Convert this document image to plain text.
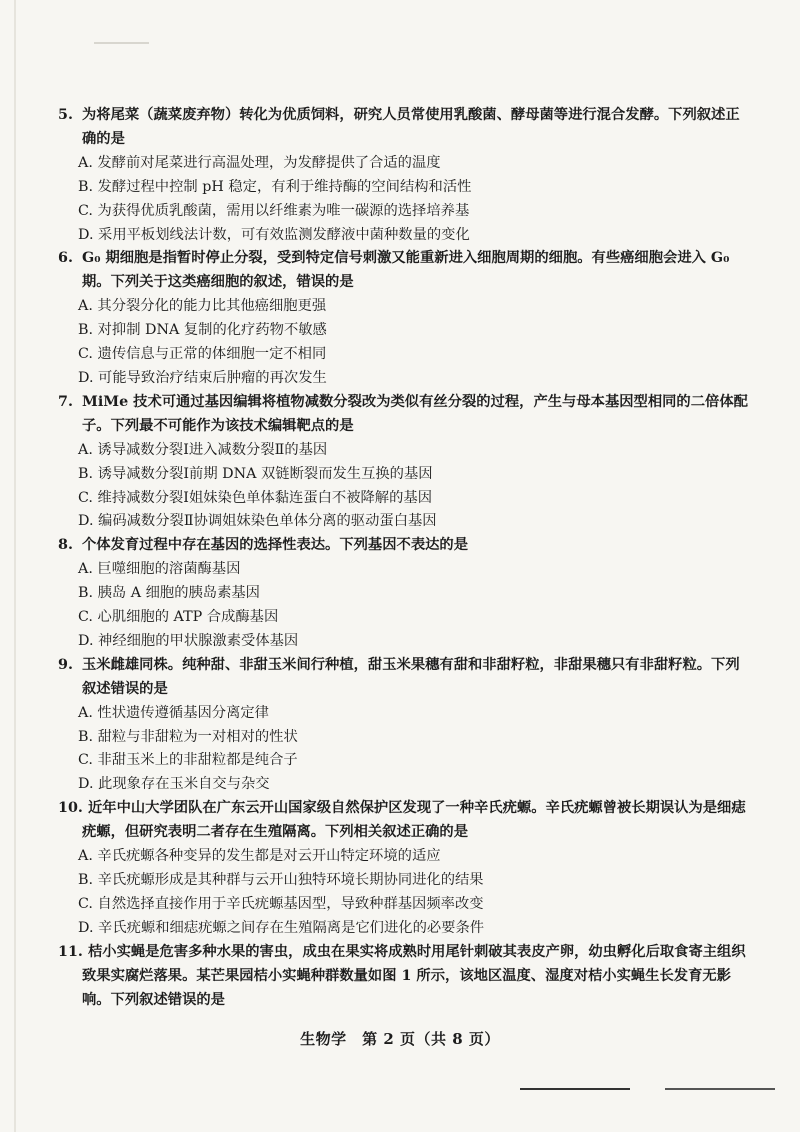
5. 为将尾菜（蔬菜废弃物）转化为优质饲料，研究人员常使用乳酸菌、酵母菌等进行混合发酵。下列叙述正确的是

A. 发酵前对尾菜进行高温处理，为发酵提供了合适的温度

B. 发酵过程中控制 pH 稳定，有利于维持酶的空间结构和活性

C. 为获得优质乳酸菌，需用以纤维素为唯一碳源的选择培养基

D. 采用平板划线法计数，可有效监测发酵液中菌种数量的变化

6. G₀ 期细胞是指暂时停止分裂，受到特定信号刺激又能重新进入细胞周期的细胞。有些癌细胞会进入 G₀ 期。下列关于这类癌细胞的叙述，错误的是

A. 其分裂分化的能力比其他癌细胞更强

B. 对抑制 DNA 复制的化疗药物不敏感

C. 遗传信息与正常的体细胞一定不相同

D. 可能导致治疗结束后肿瘤的再次发生

7. MiMe 技术可通过基因编辑将植物减数分裂改为类似有丝分裂的过程，产生与母本基因型相同的二倍体配子。下列最不可能作为该技术编辑靶点的是

A. 诱导减数分裂Ⅰ进入减数分裂Ⅱ的基因

B. 诱导减数分裂Ⅰ前期 DNA 双链断裂而发生互换的基因

C. 维持减数分裂Ⅰ姐妹染色单体黏连蛋白不被降解的基因

D. 编码减数分裂Ⅱ协调姐妹染色单体分离的驱动蛋白基因

8. 个体发育过程中存在基因的选择性表达。下列基因不表达的是

A. 巨噬细胞的溶菌酶基因

B. 胰岛 A 细胞的胰岛素基因

C. 心肌细胞的 ATP 合成酶基因

D. 神经细胞的甲状腺激素受体基因

9. 玉米雌雄同株。纯种甜、非甜玉米间行种植，甜玉米果穗有甜和非甜籽粒，非甜果穗只有非甜籽粒。下列叙述错误的是

A. 性状遗传遵循基因分离定律

B. 甜粒与非甜粒为一对相对的性状

C. 非甜玉米上的非甜粒都是纯合子

D. 此现象存在玉米自交与杂交

10. 近年中山大学团队在广东云开山国家级自然保护区发现了一种辛氏疣螈。辛氏疣螈曾被长期误认为是细痣疣螈，但研究表明二者存在生殖隔离。下列相关叙述正确的是

A. 辛氏疣螈各种变异的发生都是对云开山特定环境的适应

B. 辛氏疣螈形成是其种群与云开山独特环境长期协同进化的结果

C. 自然选择直接作用于辛氏疣螈基因型，导致种群基因频率改变

D. 辛氏疣螈和细痣疣螈之间存在生殖隔离是它们进化的必要条件

11. 桔小实蝇是危害多种水果的害虫，成虫在果实将成熟时用尾针刺破其表皮产卵，幼虫孵化后取食寄主组织致果实腐烂落果。某芒果园桔小实蝇种群数量如图 1 所示，该地区温度、湿度对桔小实蝇生长发育无影响。下列叙述错误的是

生物学　第 2 页（共 8 页）
